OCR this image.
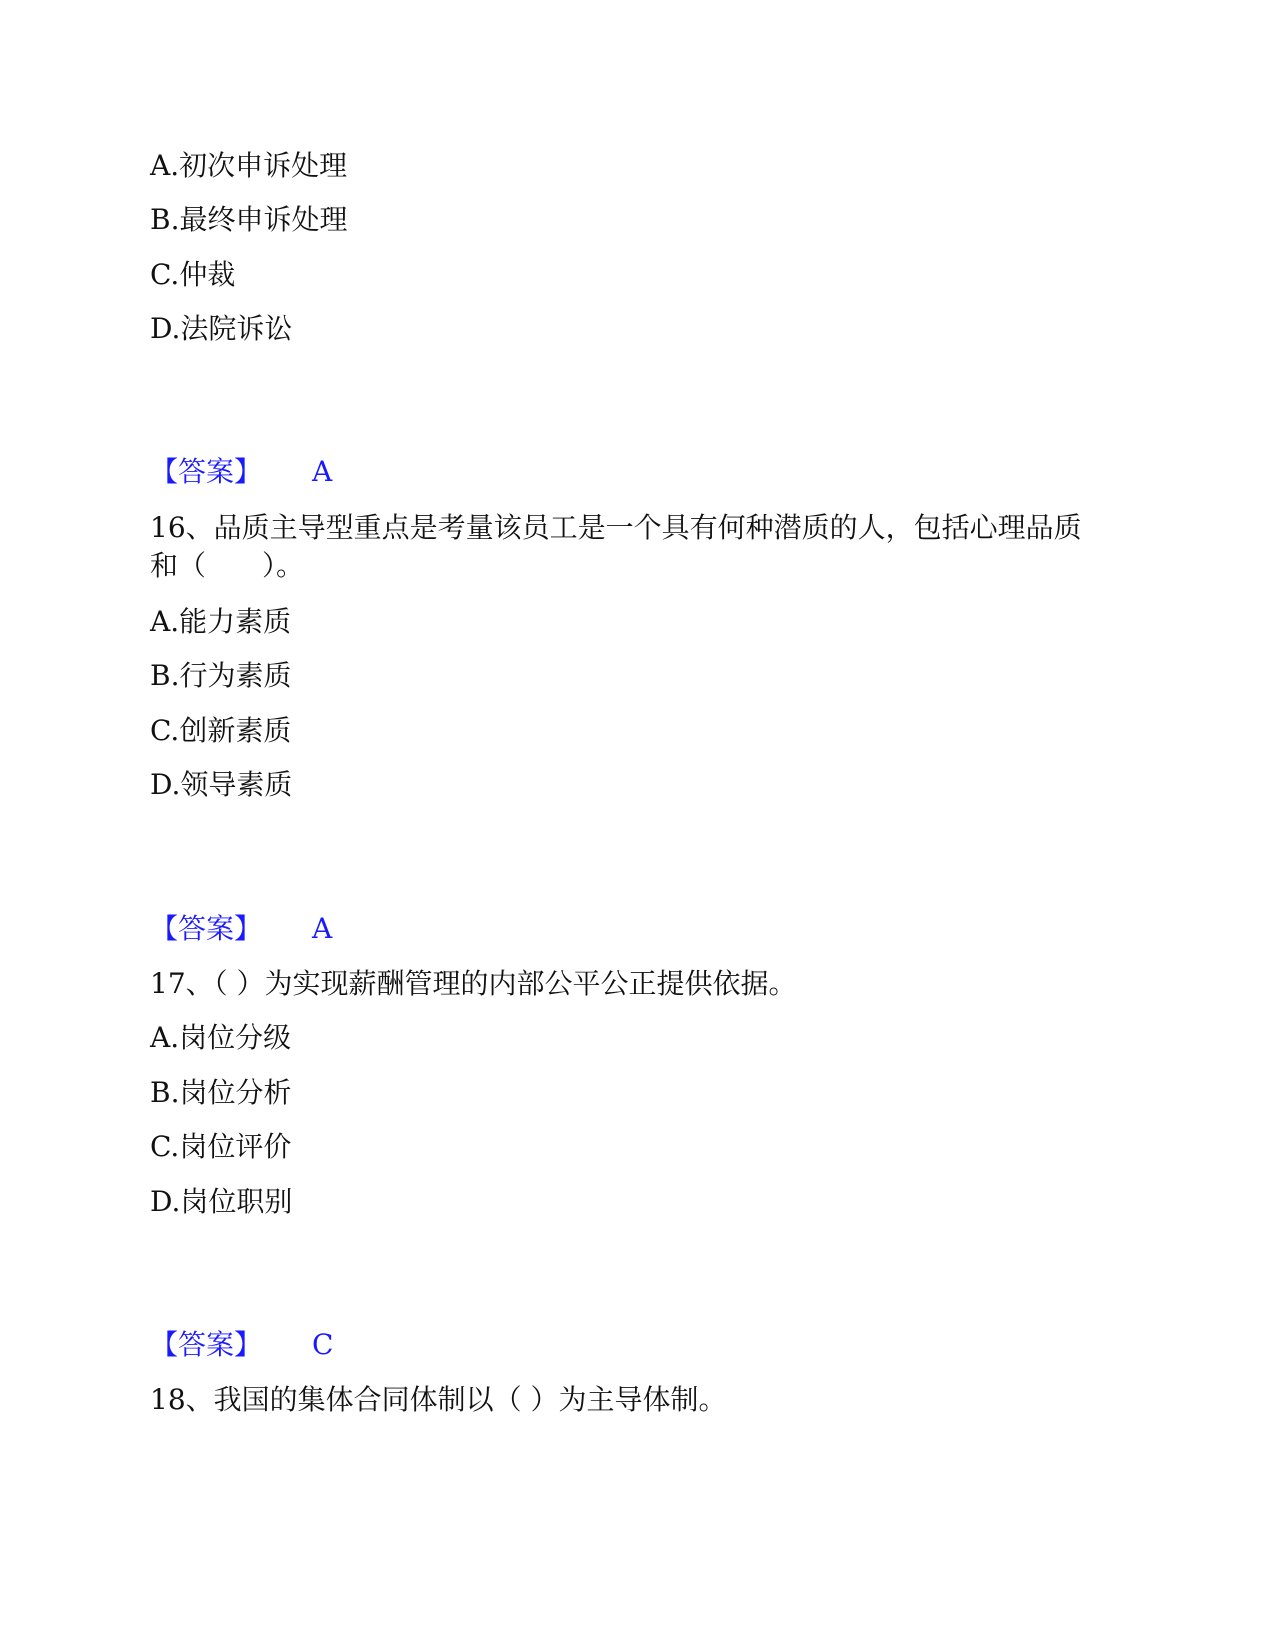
A.初次申诉处理
B.最终申诉处理
C.仲裁
D.法院诉讼
【答案】 A
16、品质主导型重点是考量该员工是一个具有何种潜质的人，包括心理品质
和（　　）。
A.能力素质
B.行为素质
C.创新素质
D.领导素质
【答案】 A
17、（ ）为实现薪酬管理的内部公平公正提供依据。
A.岗位分级
B.岗位分析
C.岗位评价
D.岗位职别
【答案】 C
18、我国的集体合同体制以（ ）为主导体制。
